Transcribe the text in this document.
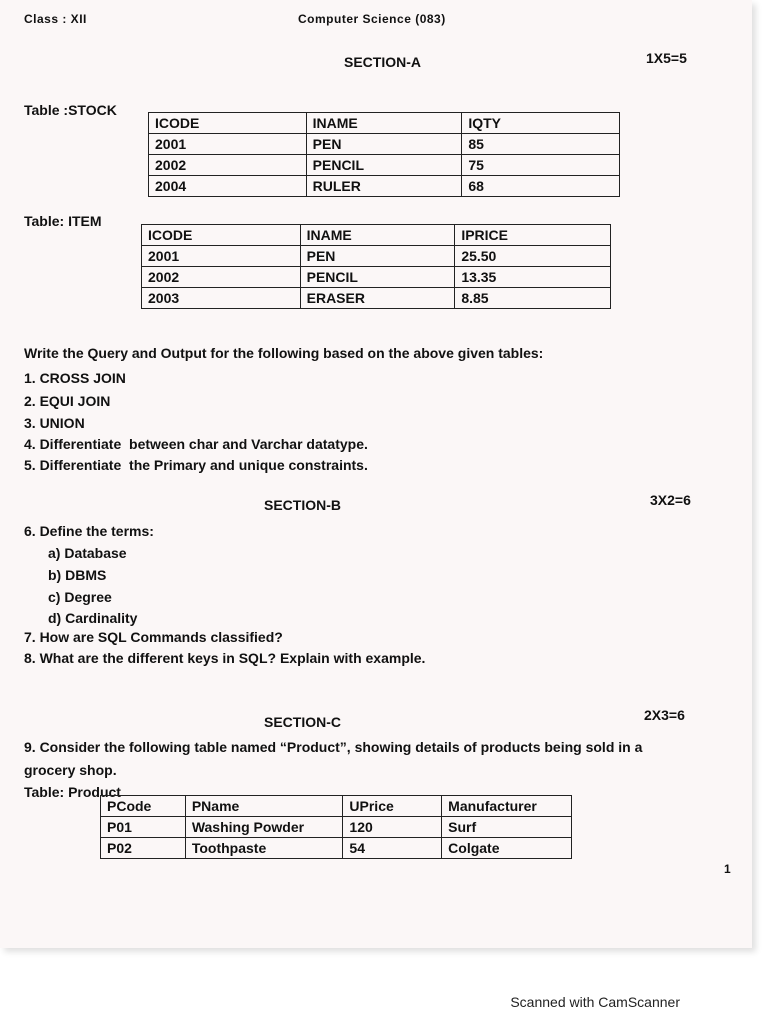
Class : XII	Computer Science (083)
SECTION-A	1X5=5
Table :STOCK
ICODE	INAME	IQTY
2001	PEN	85
2002	PENCIL	75
2004	RULER	68
Table: ITEM
ICODE	INAME	IPRICE
2001	PEN	25.50
2002	PENCIL	13.35
2003	ERASER	8.85
Write the Query and Output for the following based on the above given tables:
1. CROSS JOIN
2. EQUI JOIN
3. UNION
4. Differentiate  between char and Varchar datatype.
5. Differentiate  the Primary and unique constraints.
SECTION-B	3X2=6
6. Define the terms:
a) Database
b) DBMS
c) Degree
d) Cardinality
7. How are SQL Commands classified?
8. What are the different keys in SQL? Explain with example.
SECTION-C	2X3=6
9. Consider the following table named “Product”, showing details of products being sold in a
grocery shop.
Table: Product
PCode	PName	UPrice	Manufacturer
P01	Washing Powder	120	Surf
P02	Toothpaste	54	Colgate
1
Scanned with CamScanner
